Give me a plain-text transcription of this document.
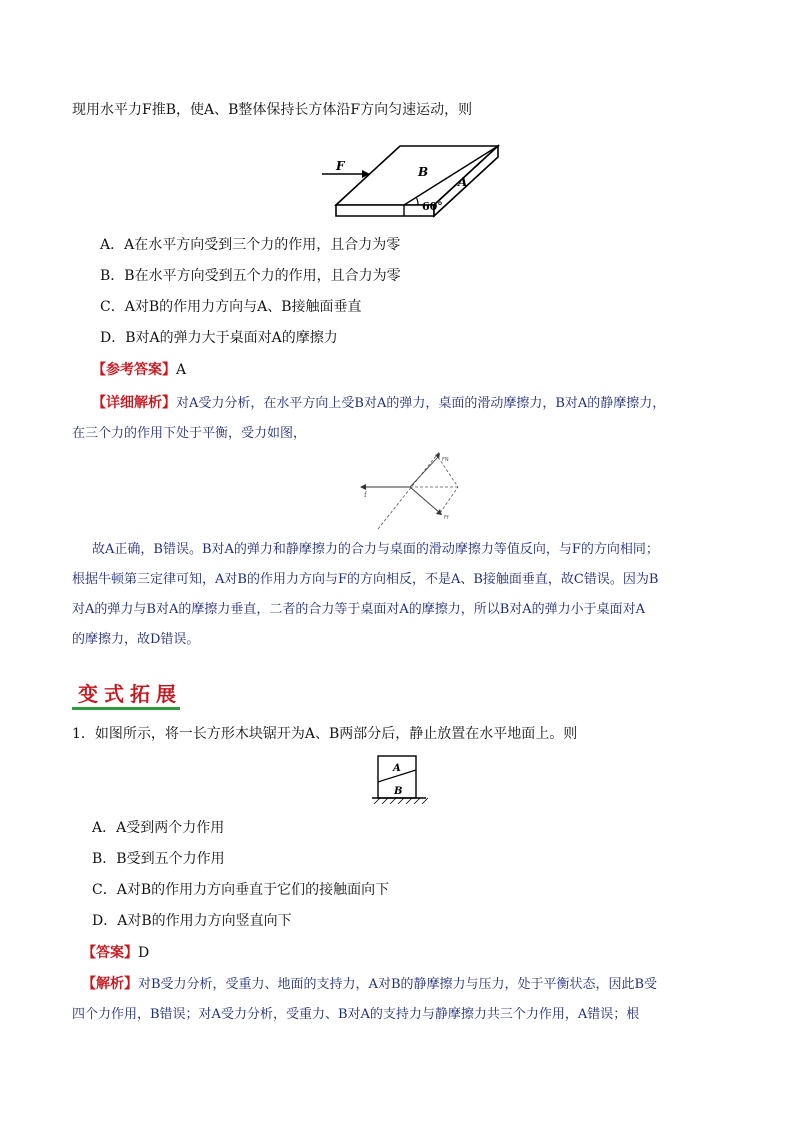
现用水平力F推B，使A、B整体保持长方体沿F方向匀速运动，则
F	B
A
60°
A．A在水平方向受到三个力的作用，且合力为零
B．B在水平方向受到五个力的作用，且合力为零
C．A对B的作用力方向与A、B接触面垂直
D．B对A的弹力大于桌面对A的摩擦力
【参考答案】A
【详细解析】对A受力分析，在水平方向上受B对A的弹力，桌面的滑动摩擦力，B对A的静摩擦力，
在三个力的作用下处于平衡，受力如图，
FN
Ff
f
故A正确，B错误。B对A的弹力和静摩擦力的合力与桌面的滑动摩擦力等值反向，与F的方向相同；
根据牛顿第三定律可知，A对B的作用力方向与F的方向相反，不是A、B接触面垂直，故C错误。因为B
对A的弹力与B对A的摩擦力垂直，二者的合力等于桌面对A的摩擦力，所以B对A的弹力小于桌面对A
的摩擦力，故D错误。
变式拓展
1．如图所示，将一长方形木块锯开为A、B两部分后，静止放置在水平地面上。则
A
B
A．A受到两个力作用
B．B受到五个力作用
C．A对B的作用力方向垂直于它们的接触面向下
D．A对B的作用力方向竖直向下
【答案】D
【解析】对B受力分析，受重力、地面的支持力，A对B的静摩擦力与压力，处于平衡状态，因此B受
四个力作用，B错误；对A受力分析，受重力、B对A的支持力与静摩擦力共三个力作用，A错误；根
